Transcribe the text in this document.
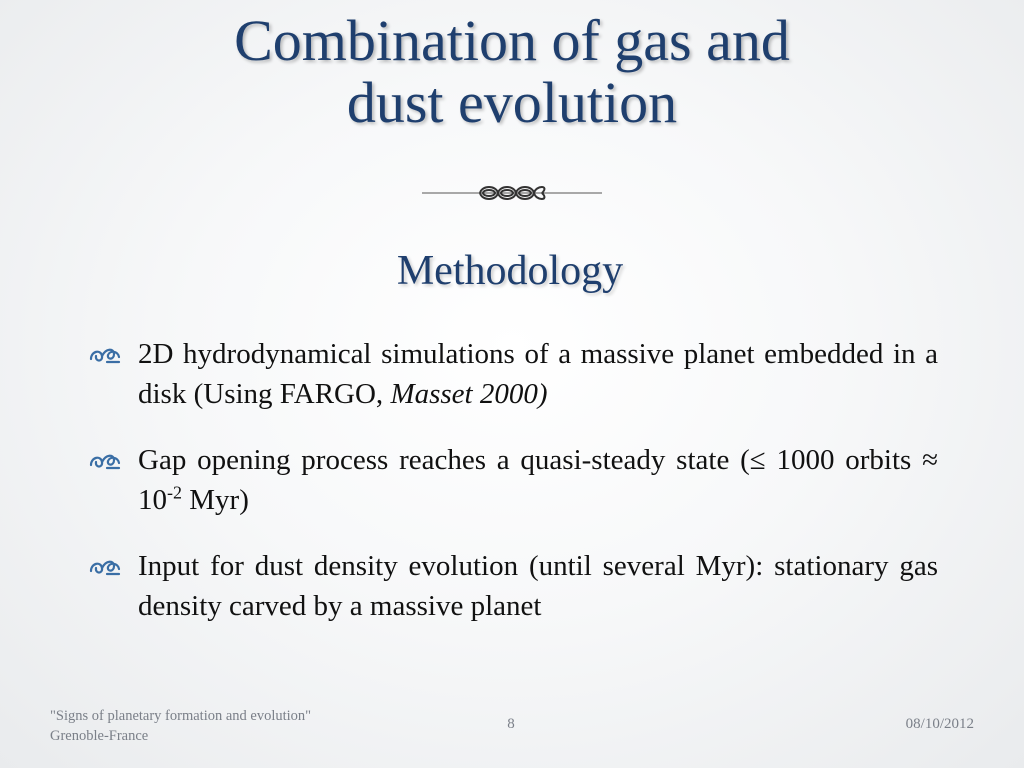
Combination of gas and
dust evolution
Methodology
2D hydrodynamical simulations of a massive planet embedded in a disk (Using FARGO, Masset 2000)
Gap opening process reaches a quasi-steady state (≤ 1000 orbits ≈ $10^{-2}$ Myr)
Input for dust density evolution (until several Myr): stationary gas density carved by a massive planet
"Signs of planetary formation and evolution"
Grenoble-France
8	08/10/2012
